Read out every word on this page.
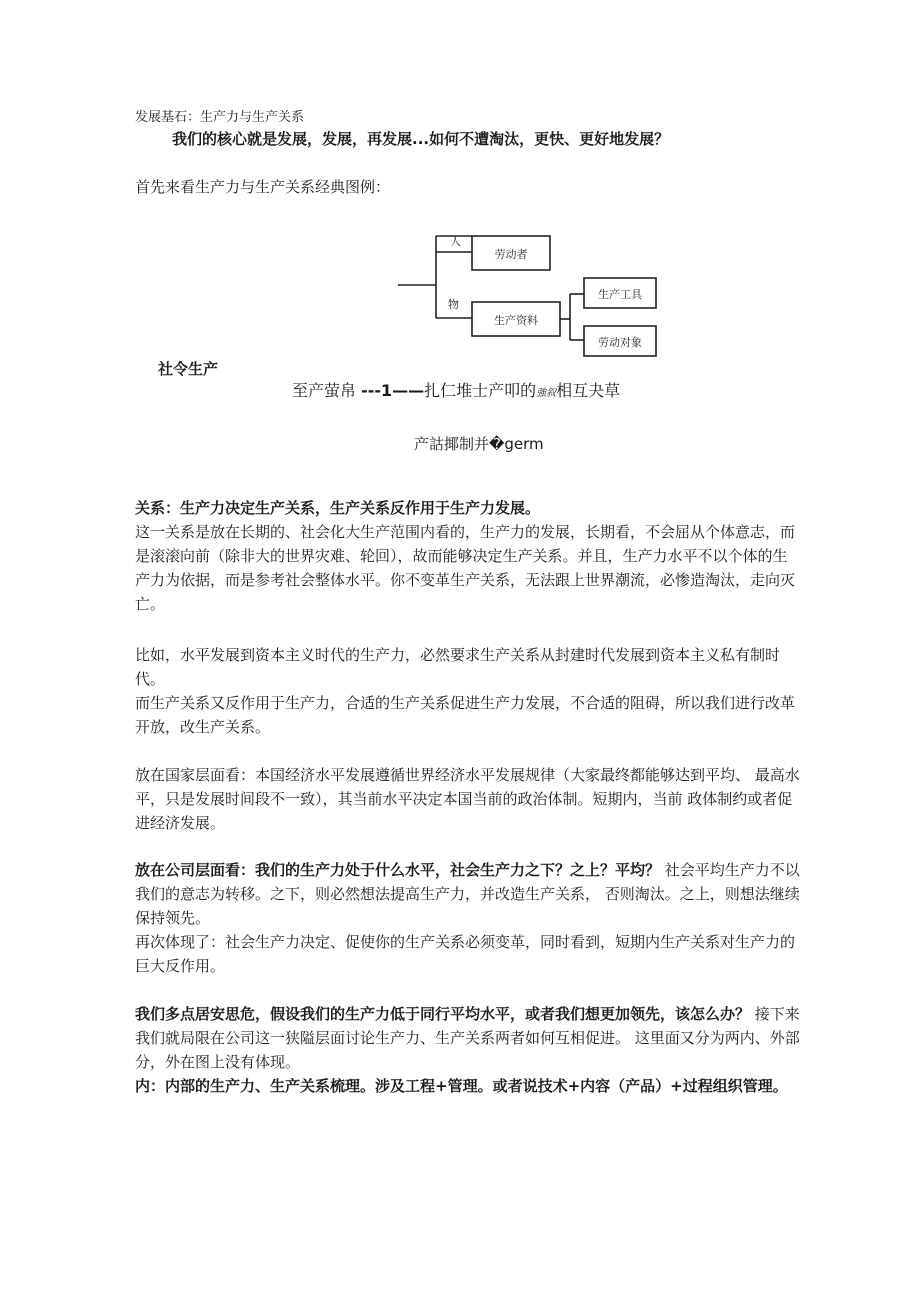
发展基石：生产力与生产关系
我们的核心就是发展，发展，再发展...如何不遭淘汰，更快、更好地发展？
首先来看生产力与生产关系经典图例：
人
物
劳动者
生产资料
生产工具
劳动对象
社令生产
至产萤帛 ---1——扎仁堆士产叩的強叙相互夬草
产詁揶制并�germ

关系：生产力决定生产关系，生产关系反作用于生产力发展。
这一关系是放在长期的、社会化大生产范围内看的，生产力的发展，长期看，不会屈从个体意志，而是滚滚向前（除非大的世界灾难、轮回），故而能够决定生产关系。并且，生产力水平不以个体的生产力为依据，而是参考社会整体水平。你不变革生产关系，无法跟上世界潮流，必惨造淘汰，走向灭亡。

比如，水平发展到资本主义时代的生产力，必然要求生产关系从封建时代发展到资本主义私有制时代。
而生产关系又反作用于生产力，合适的生产关系促进生产力发展，不合适的阻碍，所以我们进行改革开放，改生产关系。

放在国家层面看：本国经济水平发展遵循世界经济水平发展规律（大家最终都能够达到平均、 最高水平，只是发展时间段不一致），其当前水平决定本国当前的政治体制。短期内，当前 政体制约或者促进经济发展。

放在公司层面看：我们的生产力处于什么水平，社会生产力之下？之上？平均？ 社会平均生产力不以我们的意志为转移。之下，则必然想法提高生产力，并改造生产关系， 否则淘汰。之上，则想法继续保持领先。
再次体现了：社会生产力决定、促使你的生产关系必须变革，同时看到，短期内生产关系对生产力的巨大反作用。

我们多点居安思危，假设我们的生产力低于同行平均水平，或者我们想更加领先，该怎么办？ 接下来我们就局限在公司这一狭隘层面讨论生产力、生产关系两者如何互相促进。 这里面又分为两内、外部分，外在图上没有体现。
内：内部的生产力、生产关系梳理。涉及工程+管理。或者说技术+内容（产品）+过程组织管理。
